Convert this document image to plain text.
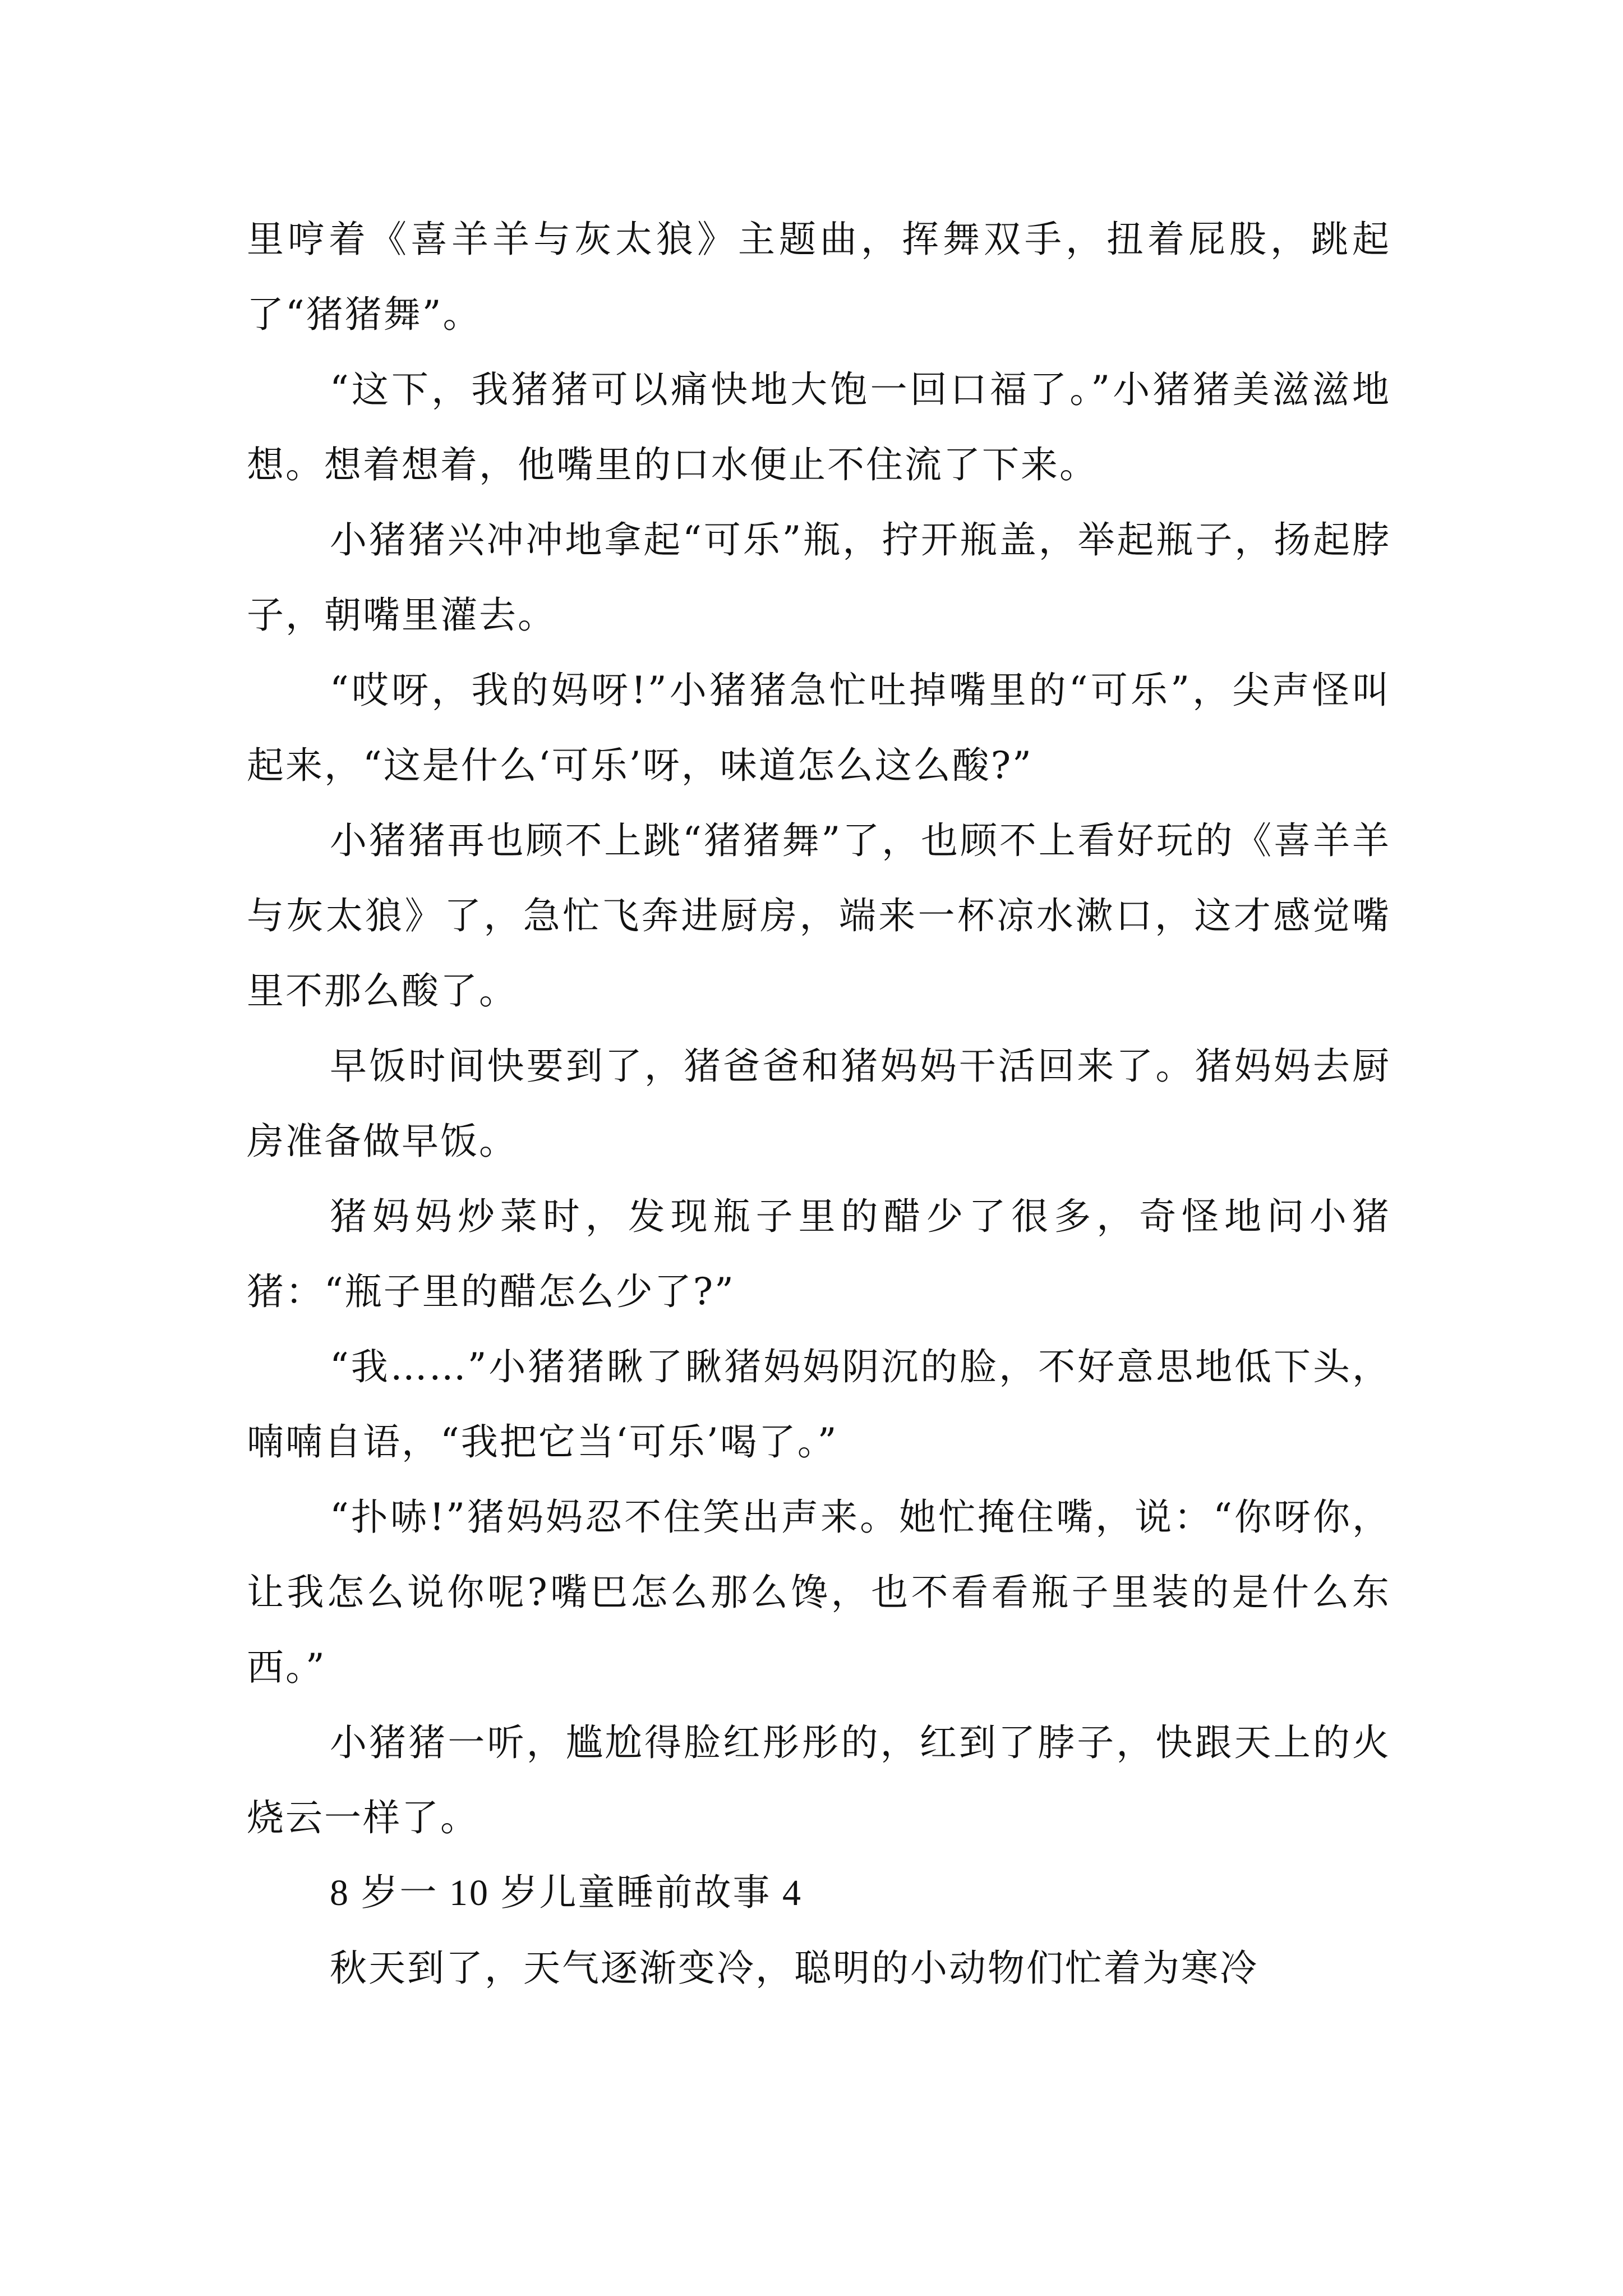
里哼着《喜羊羊与灰太狼》主题曲，挥舞双手，扭着屁股，跳起了“猪猪舞”。

“这下，我猪猪可以痛快地大饱一回口福了。”小猪猪美滋滋地想。想着想着，他嘴里的口水便止不住流了下来。

小猪猪兴冲冲地拿起“可乐”瓶，拧开瓶盖，举起瓶子，扬起脖子，朝嘴里灌去。

“哎呀，我的妈呀!”小猪猪急忙吐掉嘴里的“可乐”，尖声怪叫起来，“这是什么‘可乐’呀，味道怎么这么酸?”

小猪猪再也顾不上跳“猪猪舞”了，也顾不上看好玩的《喜羊羊与灰太狼》了，急忙飞奔进厨房，端来一杯凉水漱口，这才感觉嘴里不那么酸了。

早饭时间快要到了，猪爸爸和猪妈妈干活回来了。猪妈妈去厨房准备做早饭。

猪妈妈炒菜时，发现瓶子里的醋少了很多，奇怪地问小猪猪：“瓶子里的醋怎么少了?”

“我……”小猪猪瞅了瞅猪妈妈阴沉的脸，不好意思地低下头，喃喃自语，“我把它当‘可乐’喝了。”

“扑哧!”猪妈妈忍不住笑出声来。她忙掩住嘴，说：“你呀你，让我怎么说你呢?嘴巴怎么那么馋，也不看看瓶子里装的是什么东西。”

小猪猪一听，尴尬得脸红彤彤的，红到了脖子，快跟天上的火烧云一样了。

8 岁一 10 岁儿童睡前故事 4

秋天到了，天气逐渐变冷，聪明的小动物们忙着为寒冷
